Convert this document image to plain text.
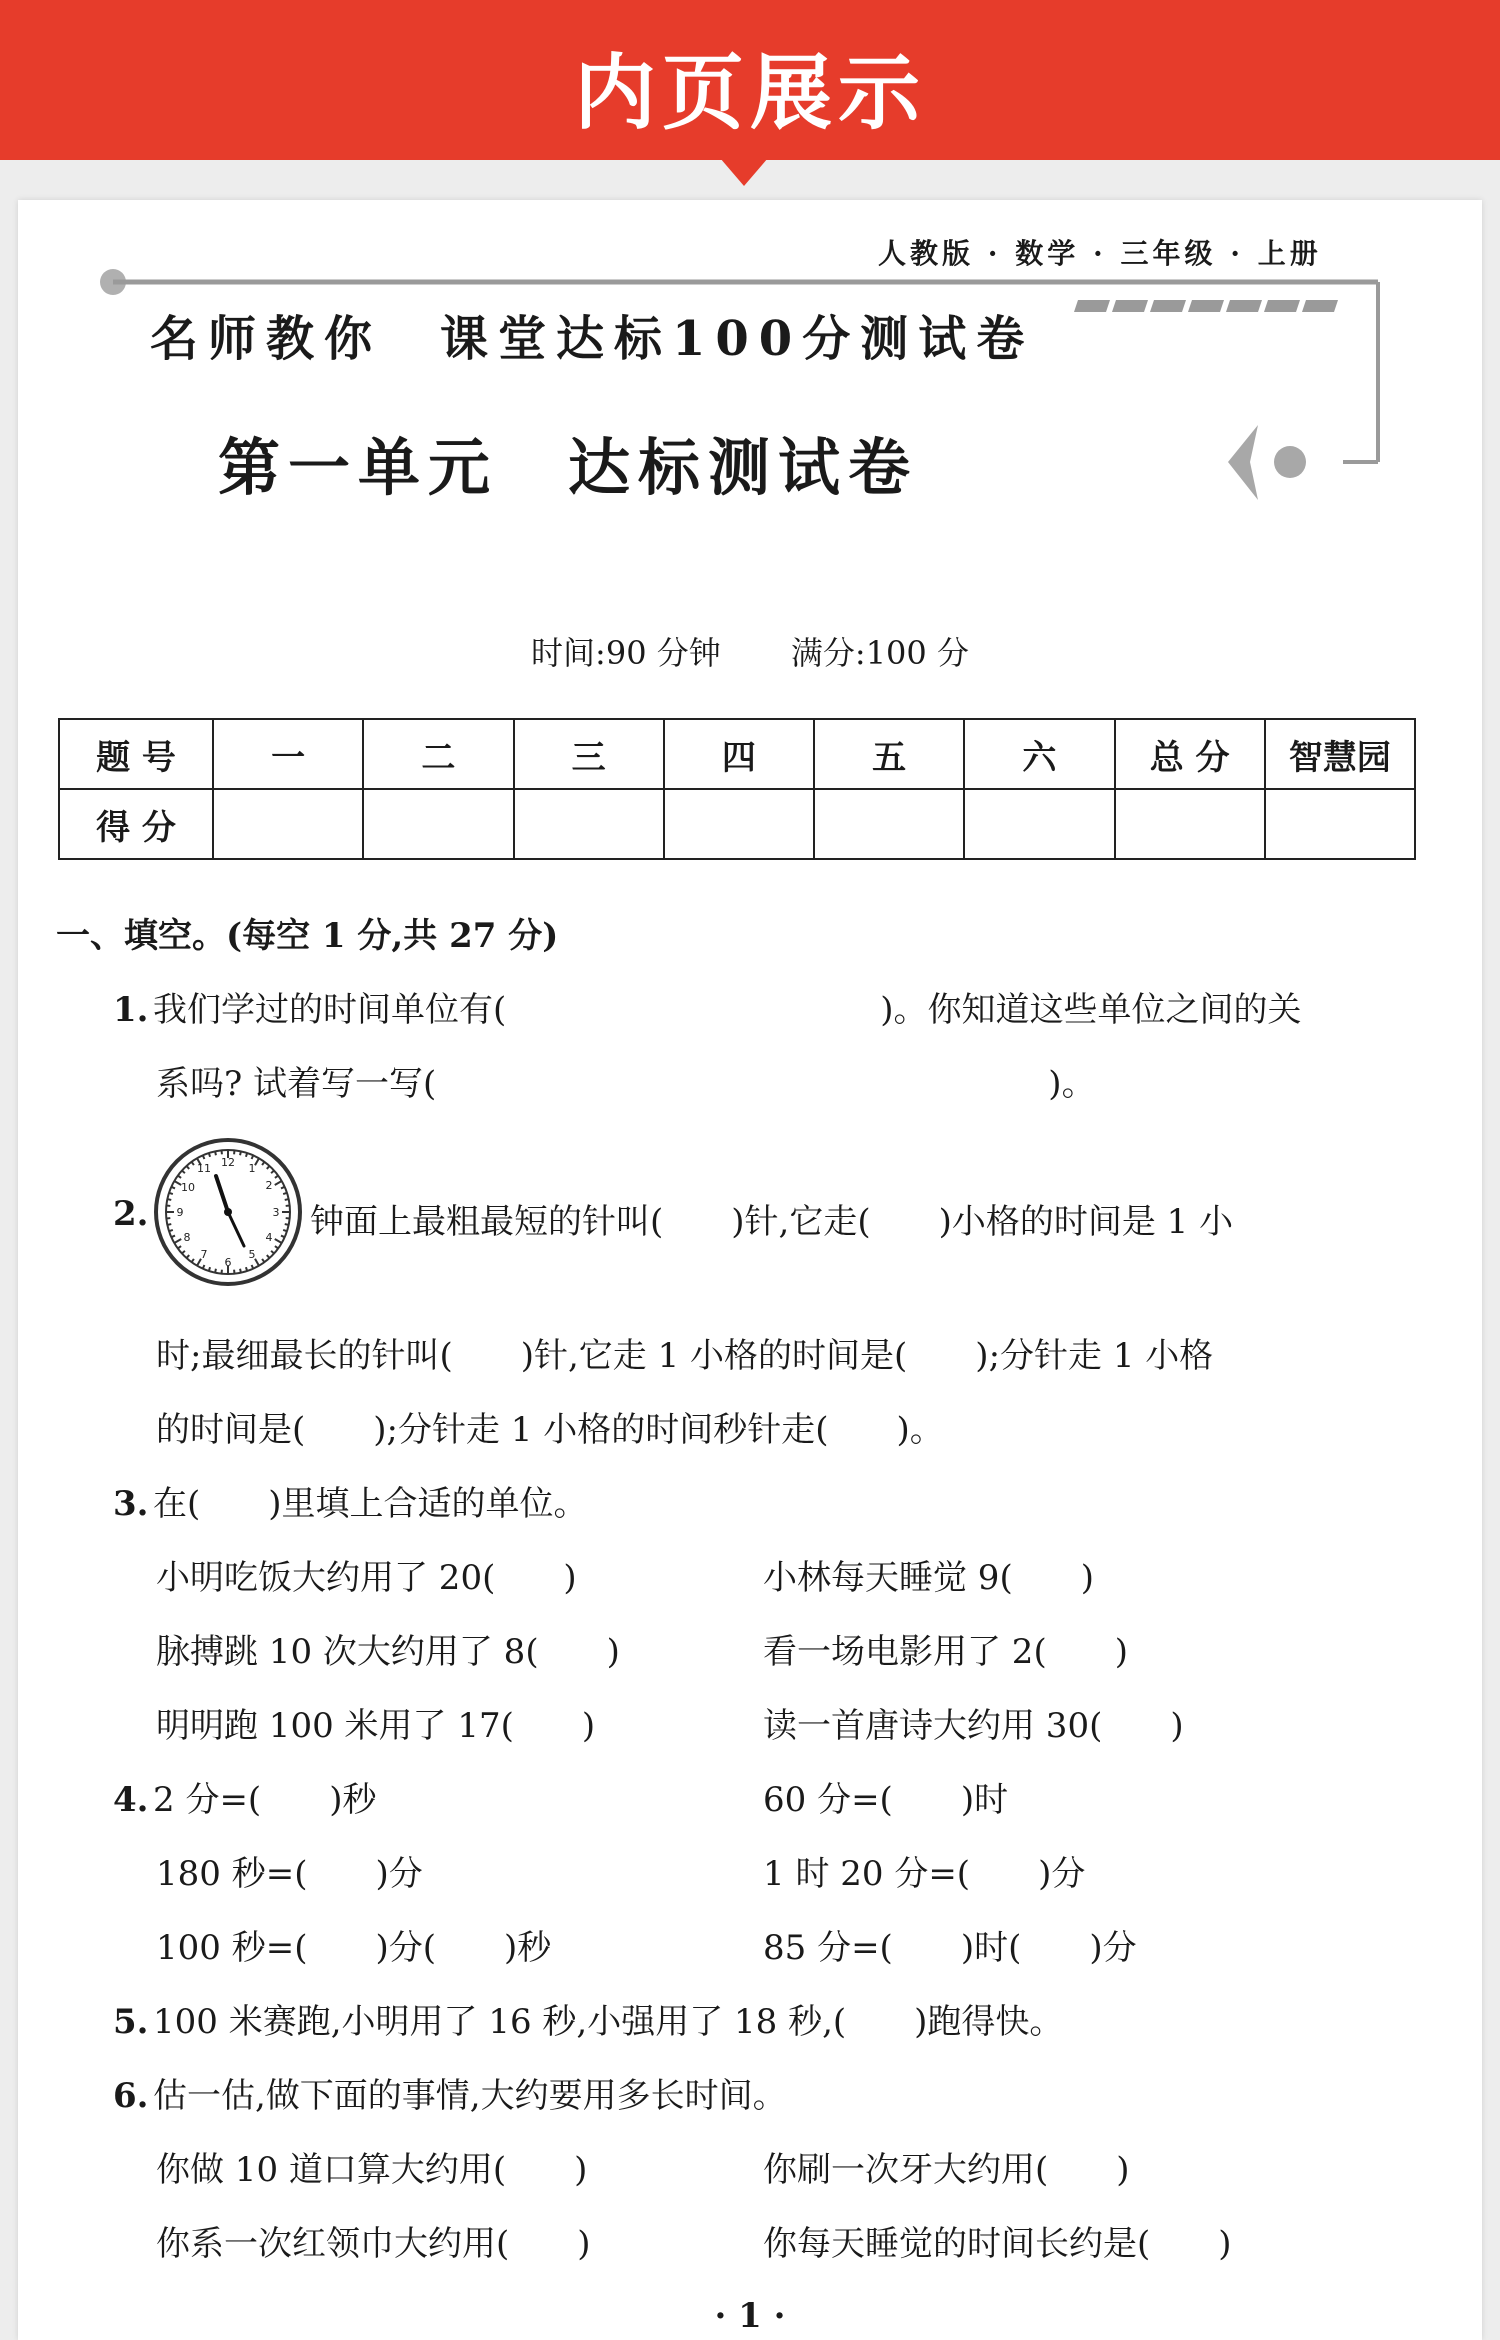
内页展示
人教版 · 数学 · 三年级 · 上册
名师教你　课堂达标100分测试卷
第一单元　达标测试卷
时间:90 分钟 满分:100 分
题 号	一	二	三	四	五	六	总 分	智慧园
得 分								
一、填空。(每空 1 分,共 27 分)
1. 我们学过的时间单位有(　　　　　　　　　　　)。你知道这些单位之间的关
系吗? 试着写一写(　　　　　　　　　　　　　　　　　　)。
2.
12 1
2
3
4
5
6
7
8
9
10
11
钟面上最粗最短的针叫(　　)针,它走(　　)小格的时间是 1 小
时;最细最长的针叫(　　)针,它走 1 小格的时间是(　　);分针走 1 小格
的时间是(　　);分针走 1 小格的时间秒针走(　　)。
3. 在(　　)里填上合适的单位。
小明吃饭大约用了 20(　　)	小林每天睡觉 9(　　)
脉搏跳 10 次大约用了 8(　　)	看一场电影用了 2(　　)
明明跑 100 米用了 17(　　)	读一首唐诗大约用 30(　　)
4. 2 分=(　　)秒	60 分=(　　)时
180 秒=(　　)分	1 时 20 分=(　　)分
100 秒=(　　)分(　　)秒	85 分=(　　)时(　　)分
5. 100 米赛跑,小明用了 16 秒,小强用了 18 秒,(　　)跑得快。
6. 估一估,做下面的事情,大约要用多长时间。
你做 10 道口算大约用(　　)	你刷一次牙大约用(　　)
你系一次红领巾大约用(　　)	你每天睡觉的时间长约是(　　)
· 1 ·
